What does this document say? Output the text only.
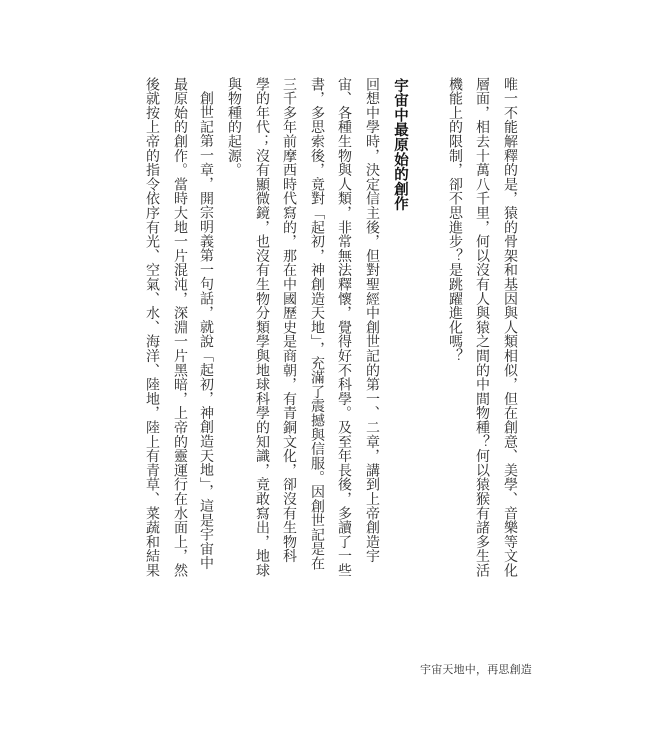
唯一不能解釋的是，猿的骨架和基因與人類相似，但在創意、美學、音樂等文化
層面，相去十萬八千里，何以沒有人與猿之間的中間物種？何以猿猴有諸多生活
機能上的限制，卻不思進步？是跳躍進化嗎？
宇宙中最原始的創作
回想中學時，決定信主後，但對聖經中創世記的第一、二章，講到上帝創造宇
宙、各種生物與人類，非常無法釋懷，覺得好不科學。及至年長後，多讀了一些
書，多思索後，竟對「起初，神創造天地」，充滿了震撼與信服。因創世記是在
三千多年前摩西時代寫的，那在中國歷史是商朝，有青銅文化，卻沒有生物科
學的年代；沒有顯微鏡，也沒有生物分類學與地球科學的知識，竟敢寫出，地球
與物種的起源。
創世記第一章，開宗明義第一句話，就說「起初，神創造天地」，這是宇宙中
最原始的創作。當時大地一片混沌，深淵一片黑暗，上帝的靈運行在水面上，然
後就按上帝的指令依序有光、空氣、水、海洋、陸地，陸上有青草、菜蔬和結果
宇宙天地中，再思創造
